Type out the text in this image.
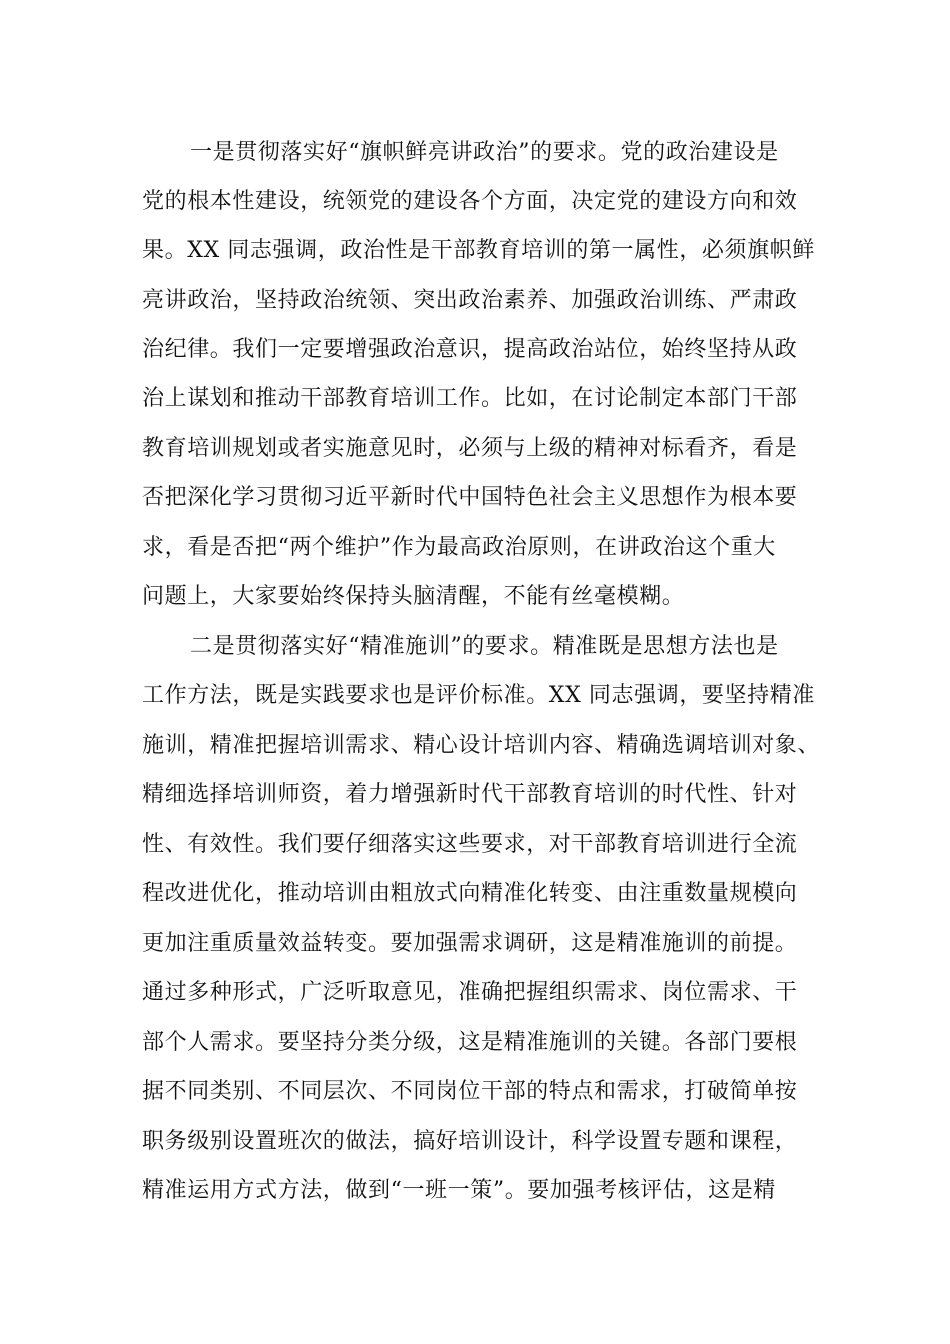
一是贯彻落实好“旗帜鲜亮讲政治”的要求。党的政治建设是
党的根本性建设，统领党的建设各个方面，决定党的建设方向和效
果。XX 同志强调，政治性是干部教育培训的第一属性，必须旗帜鲜
亮讲政治，坚持政治统领、突出政治素养、加强政治训练、严肃政
治纪律。我们一定要增强政治意识，提高政治站位，始终坚持从政
治上谋划和推动干部教育培训工作。比如，在讨论制定本部门干部
教育培训规划或者实施意见时，必须与上级的精神对标看齐，看是
否把深化学习贯彻习近平新时代中国特色社会主义思想作为根本要
求，看是否把“两个维护”作为最高政治原则，在讲政治这个重大
问题上，大家要始终保持头脑清醒，不能有丝毫模糊。
二是贯彻落实好“精准施训”的要求。精准既是思想方法也是
工作方法，既是实践要求也是评价标准。XX 同志强调，要坚持精准
施训，精准把握培训需求、精心设计培训内容、精确选调培训对象、
精细选择培训师资，着力增强新时代干部教育培训的时代性、针对
性、有效性。我们要仔细落实这些要求，对干部教育培训进行全流
程改进优化，推动培训由粗放式向精准化转变、由注重数量规模向
更加注重质量效益转变。要加强需求调研，这是精准施训的前提。
通过多种形式，广泛听取意见，准确把握组织需求、岗位需求、干
部个人需求。要坚持分类分级，这是精准施训的关键。各部门要根
据不同类别、不同层次、不同岗位干部的特点和需求，打破简单按
职务级别设置班次的做法，搞好培训设计，科学设置专题和课程，
精准运用方式方法，做到“一班一策”。要加强考核评估，这是精
